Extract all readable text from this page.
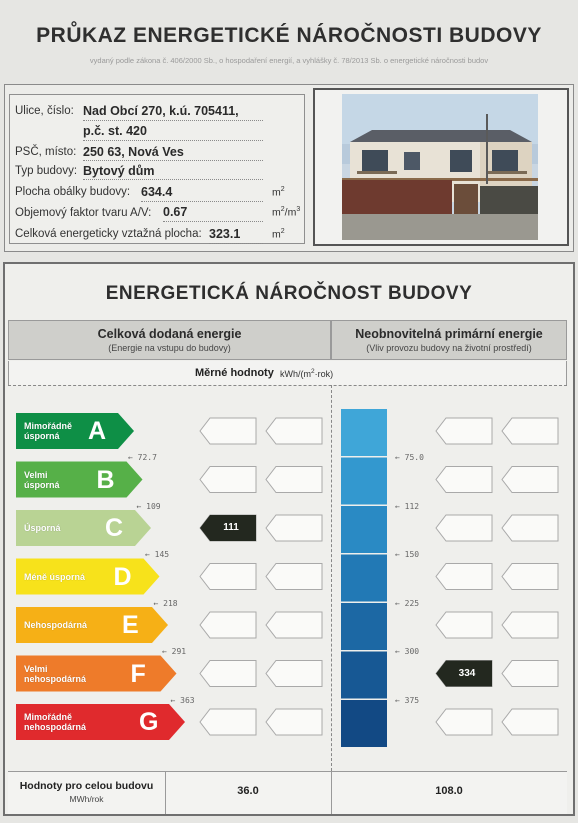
PRŮKAZ ENERGETICKÉ NÁROČNOSTI BUDOVY
vydaný podle zákona č. 406/2000 Sb., o hospodaření energií, a vyhlášky č. 78/2013 Sb. o energetické náročnosti budov
Ulice, číslo: Nad Obcí 270, k.ú. 705411,
p.č. st. 420
PSČ, místo: 250 63, Nová Ves
Typ budovy: Bytový dům
Plocha obálky budovy: 634.4	$m^2$
Objemový faktor tvaru A/V: 0.67	$m^2/m^3$
Celková energeticky vztažná plocha: 323.1	$m^2$
ENERGETICKÁ NÁROČNOST BUDOVY
Celková dodaná energie
(Energie na vstupu do budovy)
Neobnovitelná primární energie
(Vliv provozu budovy na životní prostředí)
Měrné hodnoty kWh/$(m^2\cdot rok)$
Mimořádně
úsporná A
Velmi
úsporná B
Úsporná C
Méně úsporná D
Nehospodárná E
Velmi
nehospodárná F
Mimořádně
nehospodárná G
← 72.7
← 109
← 145
← 218
← 291
← 363
← 75.0
← 112
← 150
← 225
← 300
← 375
111
334
Hodnoty pro celou budovu
MWh/rok
36.0	108.0
